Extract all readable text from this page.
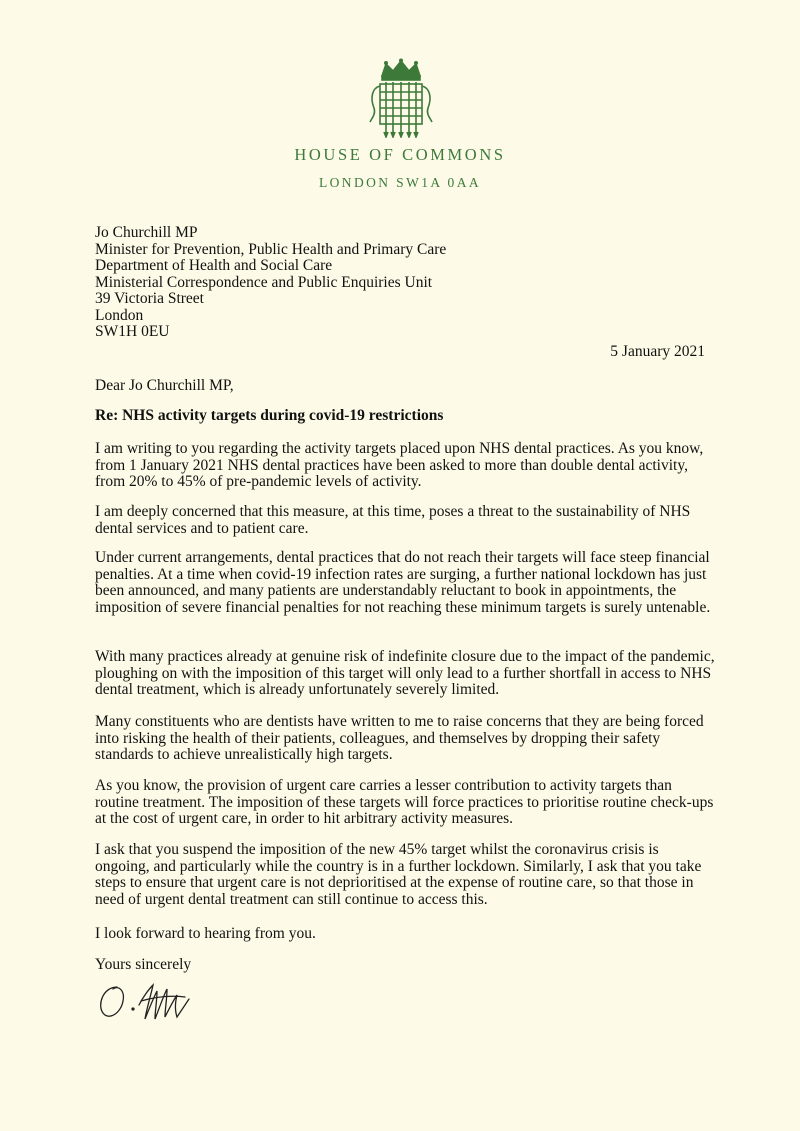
HOUSE OF COMMONS
LONDON SW1A 0AA
Jo Churchill MP
Minister for Prevention, Public Health and Primary Care
Department of Health and Social Care
Ministerial Correspondence and Public Enquiries Unit
39 Victoria Street
London
SW1H 0EU
5 January 2021
Dear Jo Churchill MP,
Re: NHS activity targets during covid-19 restrictions

I am writing to you regarding the activity targets placed upon NHS dental practices. As you know, from 1 January 2021 NHS dental practices have been asked to more than double dental activity, from 20% to 45% of pre-pandemic levels of activity.

I am deeply concerned that this measure, at this time, poses a threat to the sustainability of NHS dental services and to patient care.

Under current arrangements, dental practices that do not reach their targets will face steep financial penalties. At a time when covid-19 infection rates are surging, a further national lockdown has just been announced, and many patients are understandably reluctant to book in appointments, the imposition of severe financial penalties for not reaching these minimum targets is surely untenable.

With many practices already at genuine risk of indefinite closure due to the impact of the pandemic, ploughing on with the imposition of this target will only lead to a further shortfall in access to NHS dental treatment, which is already unfortunately severely limited.

Many constituents who are dentists have written to me to raise concerns that they are being forced into risking the health of their patients, colleagues, and themselves by dropping their safety standards to achieve unrealistically high targets.

As you know, the provision of urgent care carries a lesser contribution to activity targets than routine treatment. The imposition of these targets will force practices to prioritise routine check-ups at the cost of urgent care, in order to hit arbitrary activity measures.

I ask that you suspend the imposition of the new 45% target whilst the coronavirus crisis is ongoing, and particularly while the country is in a further lockdown. Similarly, I ask that you take steps to ensure that urgent care is not deprioritised at the expense of routine care, so that those in need of urgent dental treatment can still continue to access this.

I look forward to hearing from you.

Yours sincerely
